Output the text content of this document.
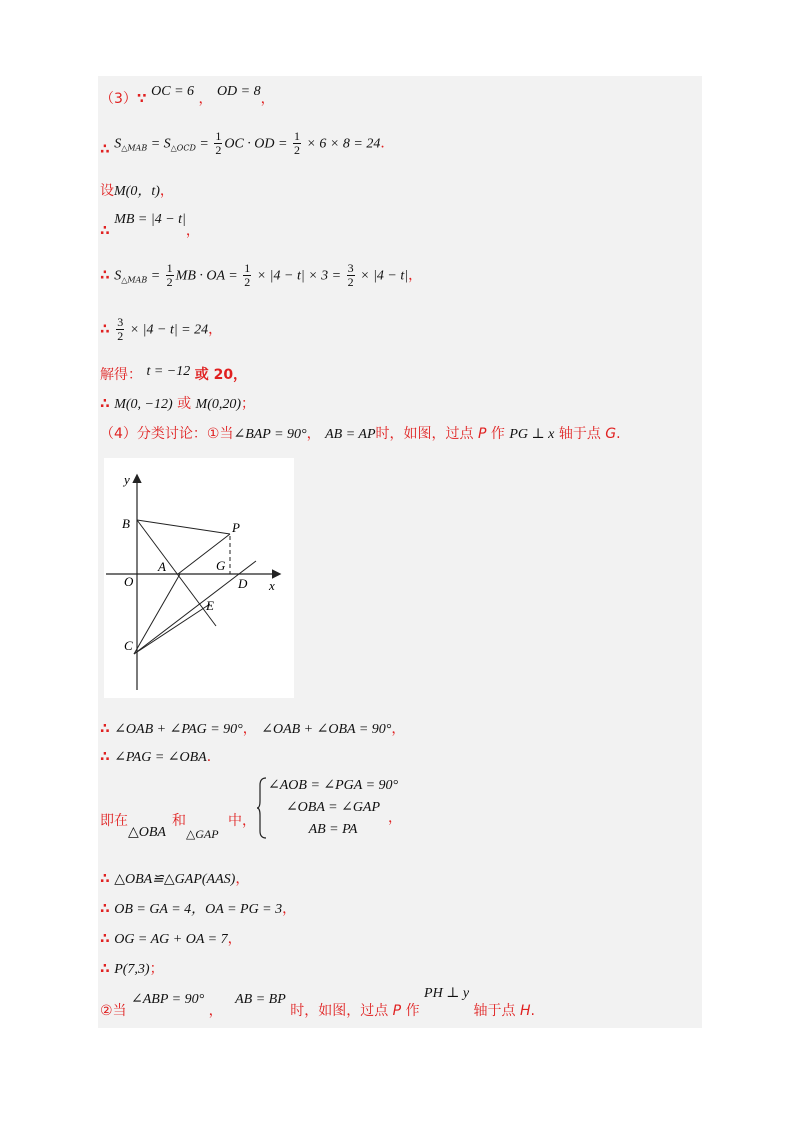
（3）∵ OC = 6 ， OD = 8，
∴ $S_{\triangle MAB} = S_{\triangle OCD} = \frac{1}{2}$ OC · OD = $\frac{1}{2} \times 6 \times 8 = 24$．
设M(0，t)，
∴ MB = |4 − t|，
∴ $S_{\triangle MAB} = \frac{1}{2}$ MB · OA = $\frac{1}{2} \times |4 - t| \times 3 = \frac{3}{2} \times |4 - t|$，
∴ $\frac{3}{2} \times |4 - t| = 24$，
解得： t = −12 或 20，
∴ M(0, −12) 或 M(0,20)；
（4）分类讨论：①当∠BAP = 90°， AB = AP时，如图，过点 P 作 PG ⊥ x 轴于点 G.
y
x
B	P
O
A	G
D
E
C
∴ ∠OAB + ∠PAG = 90°， ∠OAB + ∠OBA = 90°，
∴ ∠PAG = ∠OBA．
即在
△OBA
和
△GAP
中，
∠AOB = ∠PGA = 90°
∠OBA = ∠GAP
AB = PA
，
∴ △OBA≌△GAP(AAS)，
∴ OB = GA = 4，OA = PG = 3，
∴ OG = AG + OA = 7，
∴ P(7,3)；
②当 ∠ABP = 90° ， AB = BP 时，如图，过点 P 作 PH ⊥ y 轴于点 H.
